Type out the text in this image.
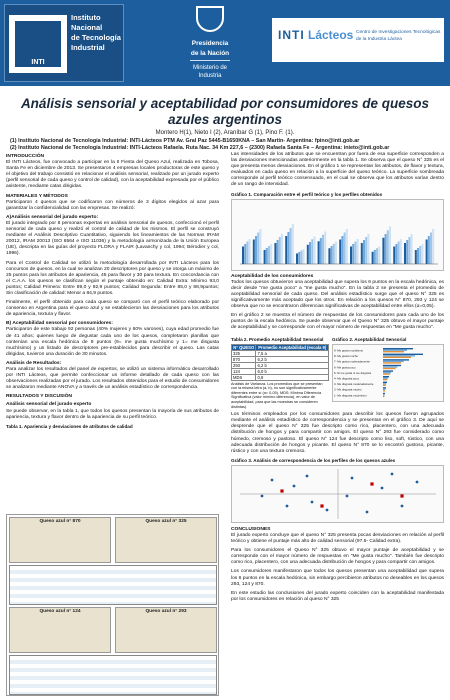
INTI
Instituto
Nacional
de Tecnología
Industrial	Presidencia
de la Nación
Ministerio de
Industria
INTI Lácteos Centro de Investigaciones Tecnológicas
de la Industria Láctea
Análisis sensorial y aceptabilidad por consumidores de quesos azules argentinos
Montero H(1), Nieto I (2), Araníbar G (1), Pino F. (1).
(1) Instituto Nacional de Tecnología Industrial: INTI-Lácteos PTM Av. Gral Paz 5445-B1650KNA – San Martín- Argentina: fpino@inti.gob.ar
(2) Instituto Nacional de Tecnología Industrial: INTI-Lácteos Rafaela. Ruta Nac. 34 Km 227,6 – (2300) Rafaela Santa Fe – Argentina: inieto@inti.gob.ar
INTRODUCCIÓN
El INTI Lácteos, fue convocado a participar en la II Fiesta del Queso Azul, realizada en Tobosa, Santa Fe en diciembre de 2013. Se presentaron 4 empresas locales productoras de este queso y el objetivo del trabajo consistió en relacionar el análisis sensorial, realizado por un jurado experto (perfil sensorial de cada queso y control de calidad), con la aceptabilidad expresada por el público asistente, mediante catas dirigidas.
MATERIALES Y MÉTODOS
Participaron 4 quesos que se codificaron con números de 3 dígitos elegidos al azar para garantizar la confidencialidad con las empresas. Se realizó:
A)Análisis sensorial del jurado experto:
El jurado integrado por 8 personas expertas en análisis sensorial de quesos, confeccionó el perfil sensorial de cada queso y realizó el control de calidad de los mismos. El perfil se construyó mediante el Análisis Descriptivo Cuantitativo, siguiendo los lineamientos de las Normas IRAM 20012, IRAM 20013 (ISO 6564 e ISO 11036) y la metodología armonizada de la Unión Europea (UE), descripta en las guías del proyecto FLORA y FLAIR (Lavanchy y col, 1994; Bérodier y col, 1996).
Para el Control de Calidad se utilizó la metodología desarrollada por INTI Lácteos para los concursos de quesos, en la cual se analizan 20 descriptores por queso y se otorga un máximo de 25 puntos para los atributos de apariencia, 45 para flavor y 30 para textura. En concordancia con el C.A.A. los quesos se clasifican según el puntaje obtenido en: Calidad Extra: Mínimo 93,0 puntos; Calidad Primera: Entre 89,0 y 92,9 puntos; Calidad Segunda: Entre 85,0 y 88,9puntos; Sin clasificación de calidad: Menor a 84,9 puntos.
Finalmente, el perfil obtenido para cada queso se comparó con el perfil teórico elaborado por consenso en Argentina para el queso azul y se establecieron las desviaciones para los atributos de apariencia, textura y flavor.
B) Aceptabilidad sensorial por consumidores:
Participaron de este trabajo 92 personas (40% mujeres y 60% varones), cuya edad promedio fue de 41 años; quienes luego de degustar cada uno de los quesos, completaron planillas que contenían una escala hedónica de 9 puntos (9= me gusta muchísimo y 1= me disgusta muchísimo) y un listado de descriptores pre-establecidos para describir el queso. Las catas dirigidas, tuvieron una duración de 30 minutos.
Análisis de Resultados:
Para analizar los resultados del panel de expertos, se utilizó un sistema informático desarrollado por INTI Lácteos, que permite confeccionar un informe detallado de cada queso con las observaciones realizadas por el jurado. Los resultados obtenidos para el estudio de consumidores se analizaron mediante ANOVA y a través de un análisis estadístico de correspondencia.
RESULTADOS Y DISCUSIÓN
Análisis sensorial del jurado experto
Se puede observar, en la tabla 1, que todos los quesos presentan la mayoría de sus atributos de apariencia, textura y flavor dentro de la apariencia de su perfil teórico.
Tabla 1. Apariencia y desviaciones de atributos de calidad
Queso azul n° 870	Queso azul n° 325
Queso azul n° 124	Queso azul n° 293
Las intensidades de los atributos que se encuentran por fuera de esa superficie corresponden a las desviaciones mencionadas anteriormente en la tabla 1. Se observa que el queso N° 325 es el que presenta menos desviaciones. En el gráfico 1 se representan los atributos, de flavor y textura, evaluados en cada queso en relación a la superficie del queso teórico. La superficie sombreada corresponde al perfil teórico consensuado, en el cual se observa que los atributos varían dentro de un rango de intensidad.
Gráfico 1. Comparación entre el perfil teórico y los perfiles obtenidos
Aceptabilidad de los consumidores
Todos los quesos obtuvieron una aceptabilidad que supera los 6 puntos en la escala hedónica, es decir desde "me gusta poco" a "me gusta mucho". En la tabla 2 se presenta el promedio de aceptabilidad sensorial de cada queso. Del análisis estadístico surge que el queso N° 325 es significativamente más aceptado que los otros. En relación a los quesos N° 870, 293 y 124 se observa que no se encontraron diferencias significativas de aceptabilidad entre ellos (α=0,05).
En el gráfico 2 se muestra el número de respuestas de los consumidores para cada uno de los puntos de la escala hedónica. Se puede observar que el Queso N° 325 obtuvo el mayor puntaje de aceptabilidad y se corresponde con el mayor número de respuestas en "Me gusta mucho".
Tabla 2. Promedio Aceptabilidad Sensorial
N° QUESO	Promedio Aceptabilidad (escala 9)
325	7,5 a
870	6,2 b
293	6,2 b
124	6,0 b
MDS	0,8
Análisis de Varianza. Los promedios que se presentan con la misma letra (a, b), no son significativamente diferentes entre sí (α= 0,05). MDS: Mínima Diferencia Significativa (valor mínimo diferencia), en valor de aceptabilidad, para que las muestras se consideren distintas).
Gráfico 2. Aceptabilidad Sensorial
9- Me gusta muchísimo
8- Me gusta mucho
7- Me gusta moderadamente
6- Me gusta poco
5- Ni me gusta ni me disgusta
4- Me disgusta poco
3- Me disgusta moderadamente
2- Me disgusta mucho
1- Me disgusta muchísimo
Los términos empleados por los consumidores para describir los quesos fueron agrupados mediante el análisis estadístico de correspondencia y se presentan en el gráfico 3. De aquí se desprende que el queso N° 325 fue descripto como rico, placentero, con una adecuada distribución de hongos y para compartir con amigos. El queso N° 293 fue considerado como húmedo, cremoso y pastoso. El queso N° 124 fue descripto como liso, soft, rústico, con una adecuada distribución de hongos y picante. El queso N° 870 se lo encontró gustoso, picante, rústico y con una textura cremoso.
Gráfico 3. Análisis de correspondencia de los perfiles de los quesos azules
CONCLUSIONES
El jurado experto concluye que el queso N° 325 presenta pocas desviaciones en relación al perfil teórico y obtiene el puntaje más alto de calidad sensorial (97.5- Calidad extra).
Para los consumidores el Queso N° 325 obtuvo el mayor puntaje de aceptabilidad y se corresponde con el mayor número de respuestas en "Me gusta mucho". También fue descripto como rico, placentero, con una adecuada distribución de hongos y para compartir con amigos.
Los consumidores manifestaron que todos los quesos presentan una aceptabilidad que supera los 6 puntos en la escala hedónica, sin embargo percibieron atributos no deseables en los quesos 293, 124 y 870.
En este estudio las conclusiones del jurado experto coinciden con la aceptabilidad manifestada por los consumidores en relación al queso N° 325
